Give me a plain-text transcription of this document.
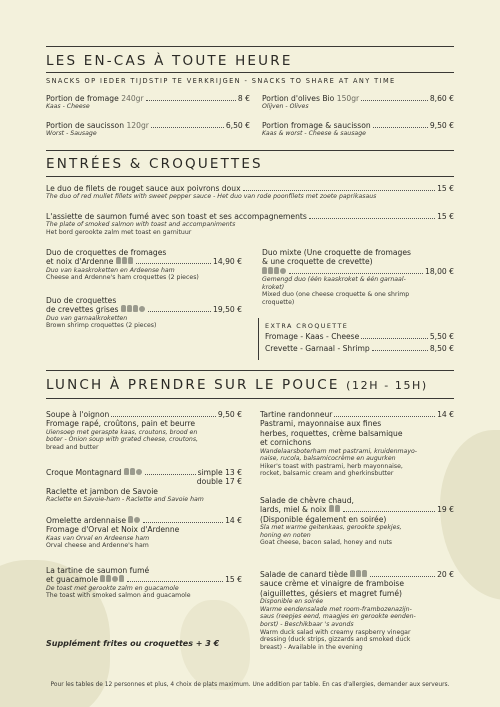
LES EN-CAS À TOUTE HEURE
SNACKS OP IEDER TIJDSTIP TE VERKRIJGEN - SNACKS TO SHARE AT ANY TIME
Portion de fromage
240gr	8 €
Kaas - Cheese
Portion d'olives Bio
150gr	8,60 €
Olijven - Olives
Portion de saucisson
120gr	6,50 €
Worst - Sausage
Portion fromage & saucisson	9,50 €
Kaas & worst - Cheese & sausage
ENTRÉES & CROQUETTES
Le duo de filets de rouget sauce aux poivrons doux	15 €
The duo of red mullet fillets with sweet pepper sauce - Het duo van rode poonfilets met zoete paprikasaus
L'assiette de saumon fumé avec son toast et ses accompagnements	15 €
The plate of smoked salmon with toast and accompaniments
Het bord gerookte zalm met toast en garnituur
Duo de croquettes de fromages
et noix d'Ardenne
	14,90 €
Duo van kaaskroketten en Ardeense ham
Cheese and Ardenne's ham croquettes (2 pieces)
Duo de croquettes
de crevettes grises
	19,50 €
Duo van garnaalkroketten
Brown shrimp croquettes (2 pieces)
Duo mixte (Une croquette de fromages
& une croquette de crevette)
18,00 €
Gemengd duo (één kaaskroket & één garnaal-
kroket)
Mixed duo (one cheese croquette & one shrimp
croquette)
EXTRA CROQUETTE
Fromage - Kaas - Cheese	5,50 €
Crevette - Garnaal - Shrimp	8,50 €
LUNCH À PRENDRE SUR LE POUCE (12H - 15H)
Soupe à l'oignon	9,50 €
Fromage rapé, croûtons, pain et beurre
Uiensoep met geraspte kaas, croutons, brood en
boter - Onion soup with grated cheese, croutons,
bread and butter
Croque Montagnard
	simple 13 €
double 17 €
Raclette et jambon de Savoie
Raclette en Savoie-ham - Raclette and Savoie ham
Omelette ardennaise
	14 €
Fromage d'Orval et Noix d'Ardenne
Kaas van Orval en Ardeense ham
Orval cheese and Ardenne's ham
La tartine de saumon fumé
et guacamole
	15 €
De toast met gerookte zalm en guacamole
The toast with smoked salmon and guacamole
Supplément frites ou croquettes + 3 €
Tartine randonneur	14 €
Pastrami, mayonnaise aux fines
herbes, roquettes, crème balsamique
et cornichons
Wandelaarsboterham met pastrami, kruidenmayo-
naise, rucola, balsamicocrème en augurken
Hiker's toast with pastrami, herb mayonnaise,
rocket, balsamic cream and gherkinsbutter
Salade de chèvre chaud,
lards, miel & noix
	19 €
(Disponible également en soirée)
Sla met warme geitenkaas, gerookte spekjes,
honing en noten
Goat cheese, bacon salad, honey and nuts
Salade de canard tiède
	20 €
sauce crème et vinaigre de framboise
(aiguillettes, gésiers et magret fumé)
Disponible en soirée
Warme eendensalade met room-frambozenazijn-
saus (reepjes eend, maagjes en gerookte eenden-
borst) - Beschikbaar 's avonds
Warm duck salad with creamy raspberry vinegar
dressing (duck strips, gizzards and smoked duck
breast) - Available in the evening
Pour les tables de 12 personnes et plus, 4 choix de plats maximum. Une addition par table. En cas d'allergies, demander aux serveurs.
